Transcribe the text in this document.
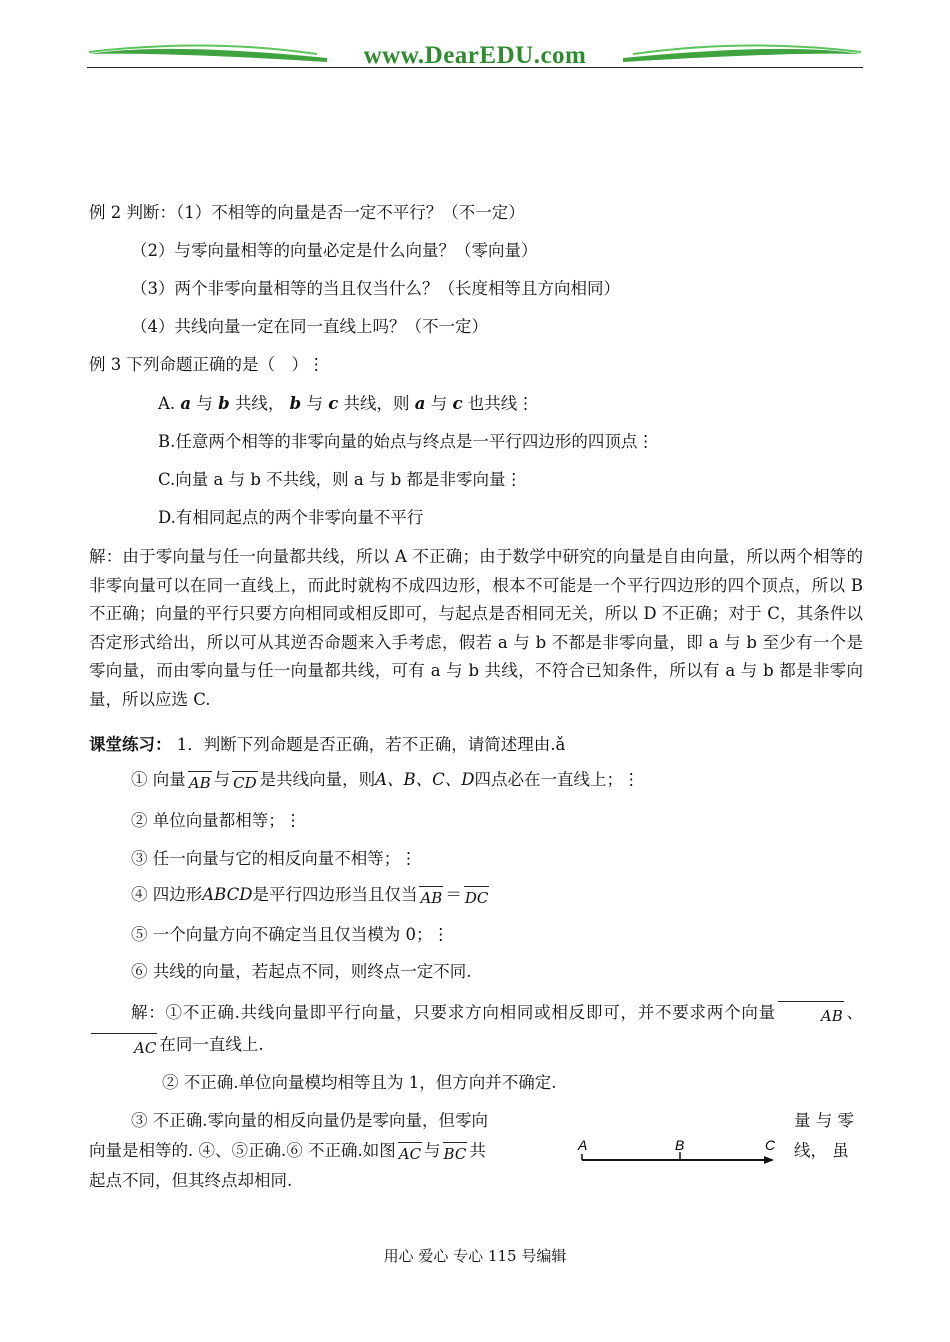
www.DearEDU.com
例 2 判断：（1）不相等的向量是否一定不平行？（不一定）
（2）与零向量相等的向量必定是什么向量？（零向量）
（3）两个非零向量相等的当且仅当什么？（长度相等且方向相同）
（4）共线向量一定在同一直线上吗？（不一定）
例 3 下列命题正确的是（　）⋮
A. a 与 b 共线， b 与 c 共线，则 a 与 c 也共线⋮
B.任意两个相等的非零向量的始点与终点是一平行四边形的四顶点⋮
C.向量 a 与 b 不共线，则 a 与 b 都是非零向量⋮
D.有相同起点的两个非零向量不平行
解：由于零向量与任一向量都共线，所以 A 不正确；由于数学中研究的向量是自由向量，所以两个相等的非零向量可以在同一直线上，而此时就构不成四边形，根本不可能是一个平行四边形的四个顶点，所以 B 不正确；向量的平行只要方向相同或相反即可，与起点是否相同无关，所以 D 不正确；对于 C，其条件以否定形式给出，所以可从其逆否命题来入手考虑，假若 a 与 b 不都是非零向量，即 a 与 b 至少有一个是零向量，而由零向量与任一向量都共线，可有 a 与 b 共线，不符合已知条件，所以有 a 与 b 都是非零向量，所以应选 C.
课堂练习： 1．判断下列命题是否正确，若不正确，请简述理由.ǎ
① 向量 AB 与 CD 是共线向量，则A、B、C、D四点必在一直线上；⋮
② 单位向量都相等；⋮
③ 任一向量与它的相反向量不相等；⋮
④ 四边形ABCD是平行四边形当且仅当 AB ＝ DC
⑤ 一个向量方向不确定当且仅当模为 0；⋮
⑥ 共线的向量，若起点不同，则终点一定不同.
解：①不正确.共线向量即平行向量，只要求方向相同或相反即可，并不要求两个向量	AB 、AC 在同一直线上.
② 不正确.单位向量模均相等且为 1，但方向并不确定.
③ 不正确.零向量的相反向量仍是零向量，但零向	量 与 零
向量是相等的. ④、⑤正确.⑥ 不正确.如图 AC 与 BC 共	线， 虽
起点不同，但其终点却相同.
A	B	C
用心 爱心 专心 115 号编辑
